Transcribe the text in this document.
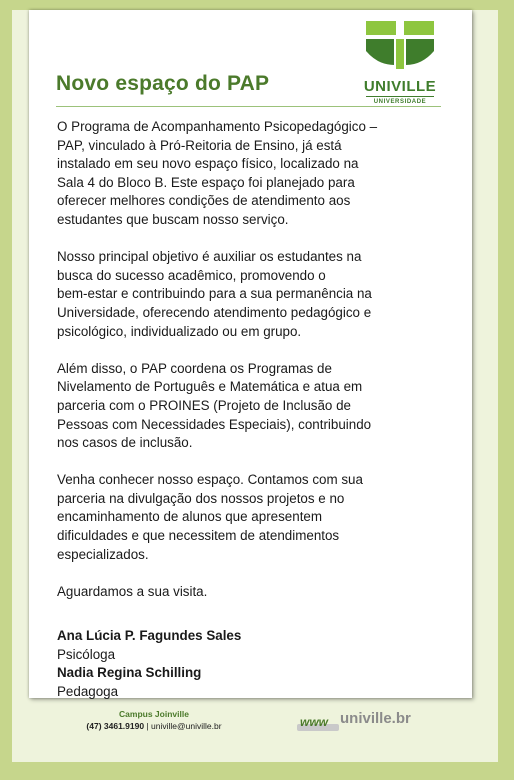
Novo espaço do PAP	UNIVILLE
UNIVERSIDADE

O Programa de Acompanhamento Psicopedagógico –
PAP, vinculado à Pró-Reitoria de Ensino, já está
instalado em seu novo espaço físico, localizado na
Sala 4 do Bloco B. Este espaço foi planejado para
oferecer melhores condições de atendimento aos
estudantes que buscam nosso serviço.

Nosso principal objetivo é auxiliar os estudantes na
busca do sucesso acadêmico, promovendo o
bem-estar e contribuindo para a sua permanência na
Universidade, oferecendo atendimento pedagógico e
psicológico, individualizado ou em grupo.

Além disso, o PAP coordena os Programas de
Nivelamento de Português e Matemática e atua em
parceria com o PROINES (Projeto de Inclusão de
Pessoas com Necessidades Especiais), contribuindo
nos casos de inclusão.

Venha conhecer nosso espaço. Contamos com sua
parceria na divulgação dos nossos projetos e no
encaminhamento de alunos que apresentem
dificuldades e que necessitem de atendimentos
especializados.

Aguardamos a sua visita.

Ana Lúcia P. Fagundes Sales
Psicóloga
Nadia Regina Schilling
Pedagoga
Campus Joinville
(47) 3461.9190 | univille@univille.br	www univille.br
